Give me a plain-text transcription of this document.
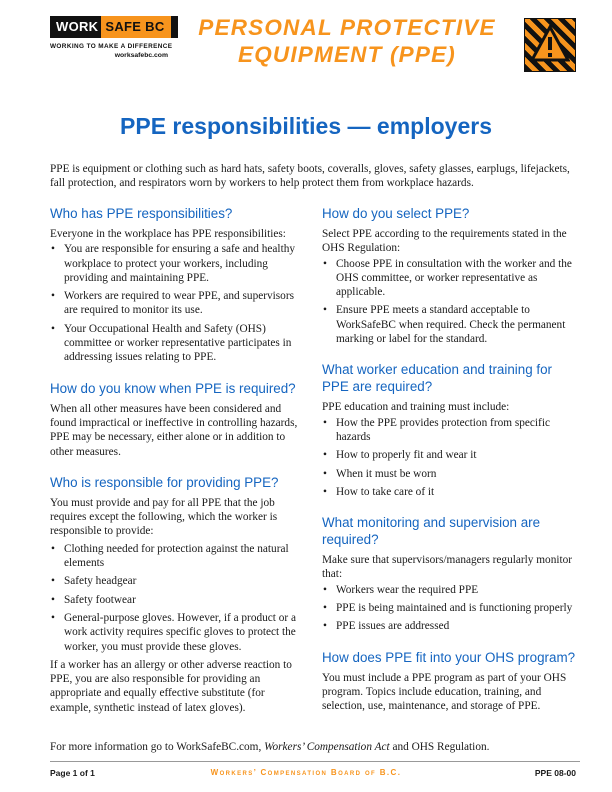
WORK SAFE BC
WORKING TO MAKE A DIFFERENCE
worksafebc.com
PERSONAL PROTECTIVE
EQUIPMENT (PPE)
PPE responsibilities — employers

PPE is equipment or clothing such as hard hats, safety boots, coveralls, gloves, safety glasses, earplugs, lifejackets, fall protection, and respirators worn by workers to help protect them from workplace hazards.

Who has PPE responsibilities?

Everyone in the workplace has PPE responsibilities:

• You are responsible for ensuring a safe and healthy workplace to protect your workers, including providing and maintaining PPE.
• Workers are required to wear PPE, and supervisors are required to monitor its use.
• Your Occupational Health and Safety (OHS) committee or worker representative participates in addressing issues relating to PPE.
How do you know when PPE is required?

When all other measures have been considered and found impractical or ineffective in controlling hazards, PPE may be necessary, either alone or in addition to other measures.

Who is responsible for providing PPE?

You must provide and pay for all PPE that the job requires except the following, which the worker is responsible to provide:

• Clothing needed for protection against the natural elements
• Safety headgear
• Safety footwear
• General-purpose gloves. However, if a product or a work activity requires specific gloves to protect the worker, you must provide these gloves.

If a worker has an allergy or other adverse reaction to PPE, you are also responsible for providing an appropriate and equally effective substitute (for example, synthetic instead of latex gloves).

How do you select PPE?

Select PPE according to the requirements stated in the OHS Regulation:

• Choose PPE in consultation with the worker and the OHS committee, or worker representative as applicable.
• Ensure PPE meets a standard acceptable to WorkSafeBC when required. Check the permanent marking or label for the standard.
What worker education and training for PPE are required?

PPE education and training must include:

• How the PPE provides protection from specific hazards
• How to properly fit and wear it
• When it must be worn
• How to take care of it
What monitoring and supervision are required?

Make sure that supervisors/managers regularly monitor that:

• Workers wear the required PPE
• PPE is being maintained and is functioning properly
• PPE issues are addressed
How does PPE fit into your OHS program?

You must include a PPE program as part of your OHS program. Topics include education, training, and selection, use, maintenance, and storage of PPE.

For more information go to WorkSafeBC.com, Workers’ Compensation Act and OHS Regulation.
Page 1 of 1	Workers’ Compensation Board of B.C.	PPE 08-00
